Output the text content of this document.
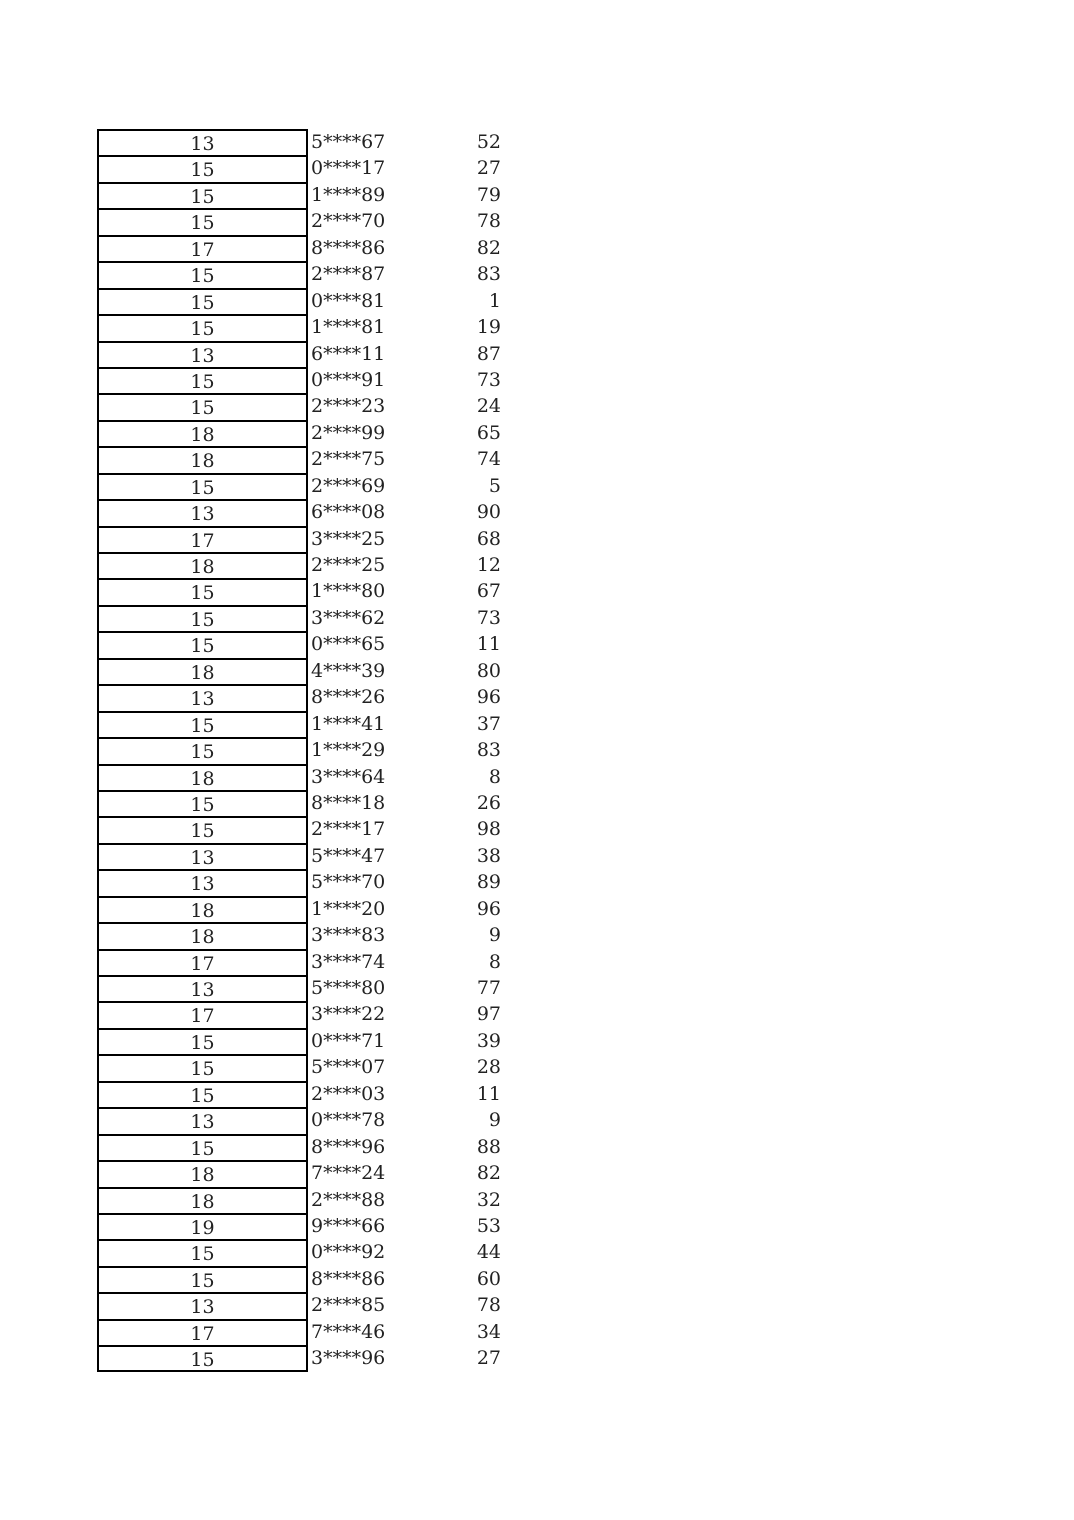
13	5****67	52
15	0****17	27
15	1****89	79
15	2****70	78
17	8****86	82
15	2****87	83
15	0****81	1
15	1****81	19
13	6****11	87
15	0****91	73
15	2****23	24
18	2****99	65
18	2****75	74
15	2****69	5
13	6****08	90
17	3****25	68
18	2****25	12
15	1****80	67
15	3****62	73
15	0****65	11
18	4****39	80
13	8****26	96
15	1****41	37
15	1****29	83
18	3****64	8
15	8****18	26
15	2****17	98
13	5****47	38
13	5****70	89
18	1****20	96
18	3****83	9
17	3****74	8
13	5****80	77
17	3****22	97
15	0****71	39
15	5****07	28
15	2****03	11
13	0****78	9
15	8****96	88
18	7****24	82
18	2****88	32
19	9****66	53
15	0****92	44
15	8****86	60
13	2****85	78
17	7****46	34
15	3****96	27
